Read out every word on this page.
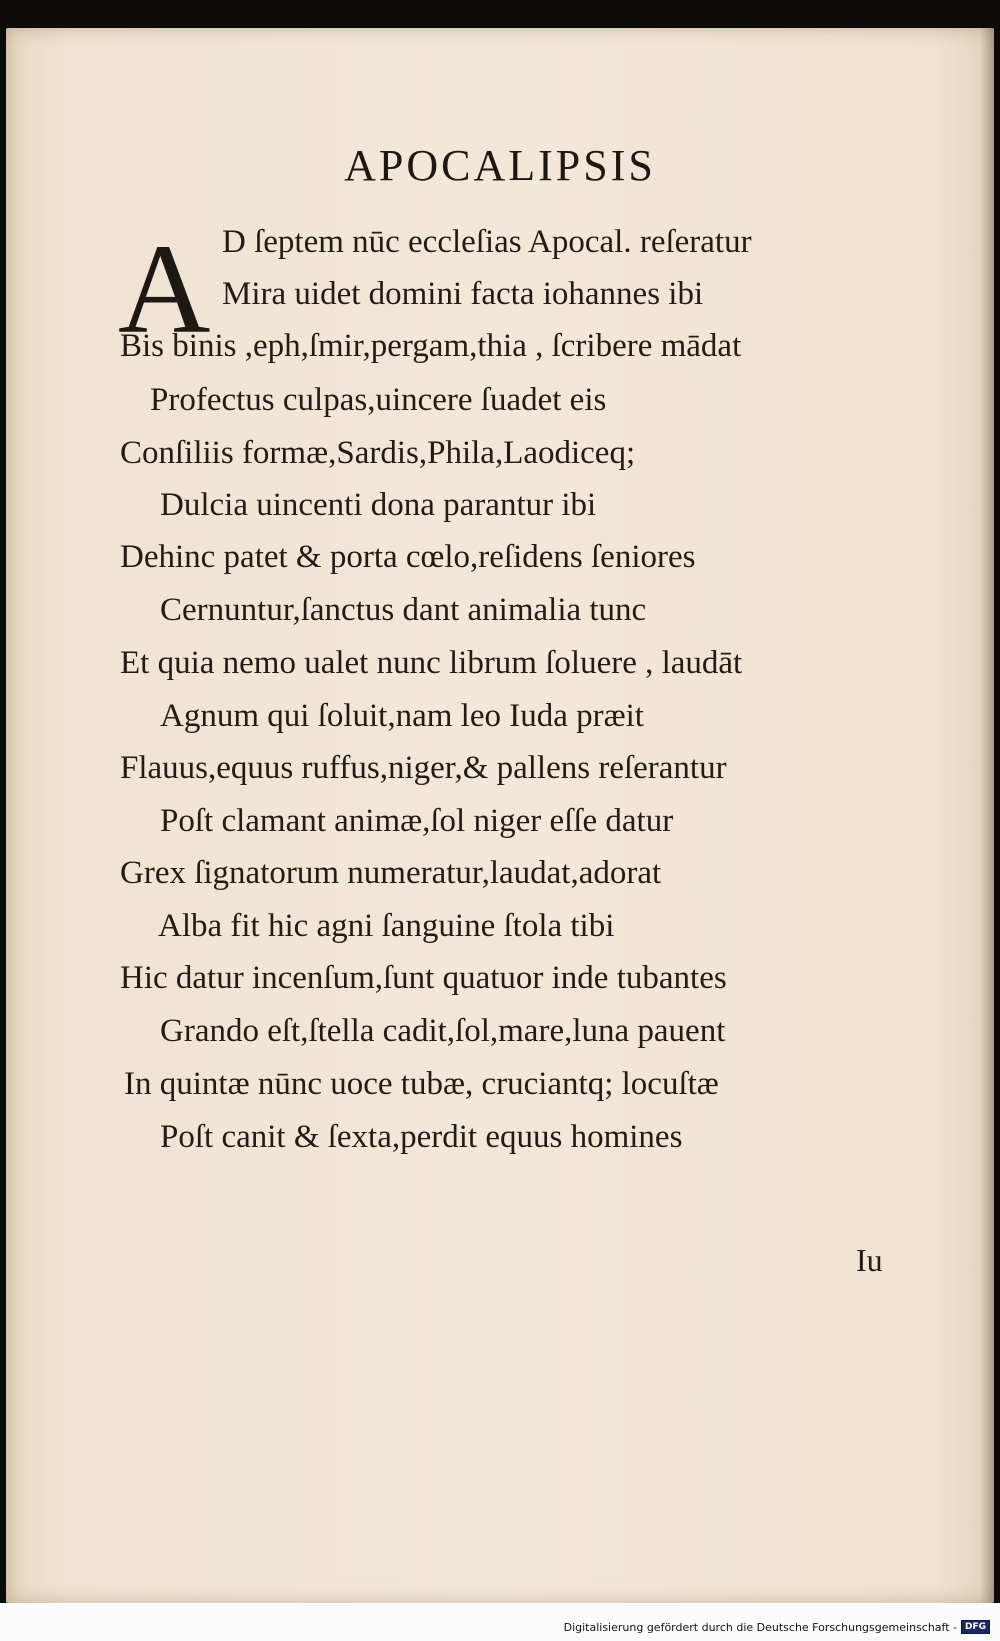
APOCALIPSIS
A D ſeptem nūc eccleſias Apocal. reſeratur
Mira uidet domini facta iohannes ibi
Bis binis ,eph,ſmir,pergam,thia , ſcribere mādat
Profectus culpas,uincere ſuadet eis
Conſiliis formæ,Sardis,Phila,Laodiceq;
Dulcia uincenti dona parantur ibi
Dehinc patet & porta cœlo,reſidens ſeniores
Cernuntur,ſanctus dant animalia tunc
Et quia nemo ualet nunc librum ſoluere , laudāt
Agnum qui ſoluit,nam leo Iuda præit
Flauus,equus ruffus,niger,& pallens reſerantur
Poſt clamant animæ,ſol niger eſſe datur
Grex ſignatorum numeratur,laudat,adorat
Alba fit hic agni ſanguine ſtola tibi
Hic datur incenſum,ſunt quatuor inde tubantes
Grando eſt,ſtella cadit,ſol,mare,luna pauent
In quintæ nūnc uoce tubæ, cruciantq; locuſtæ
Poſt canit & ſexta,perdit equus homines
Iu
Digitalisierung gefördert durch die Deutsche Forschungsgemeinschaft - DFG
